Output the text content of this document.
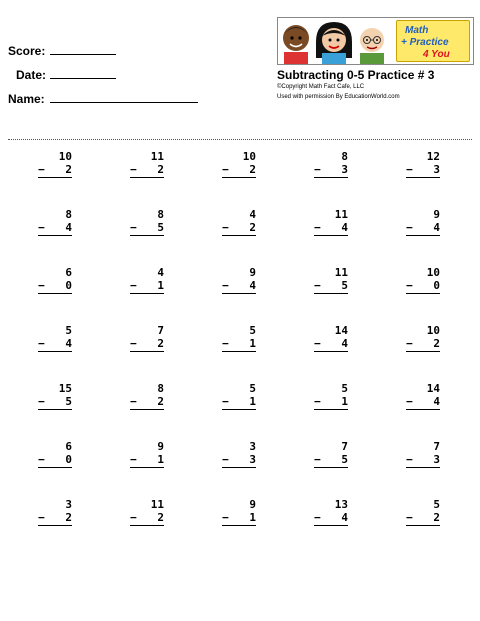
Score:
Date:
Name:
Math
+ Practice
4 You
Subtracting 0-5 Practice # 3
©Copyright Math Fact Cafe, LLC
Used with permission By EducationWorld.com
10
− 2
11
− 2
10
− 2
8
− 3
12
− 3
8
− 4
8
− 5
4
− 2
11
− 4
9
− 4
6
− 0
4
− 1
9
− 4
11
− 5
10
− 0
5
− 4
7
− 2
5
− 1
14
− 4
10
− 2
15
− 5
8
− 2
5
− 1
5
− 1
14
− 4
6
− 0
9
− 1
3
− 3
7
− 5
7
− 3
3
− 2
11
− 2
9
− 1
13
− 4
5
− 2
